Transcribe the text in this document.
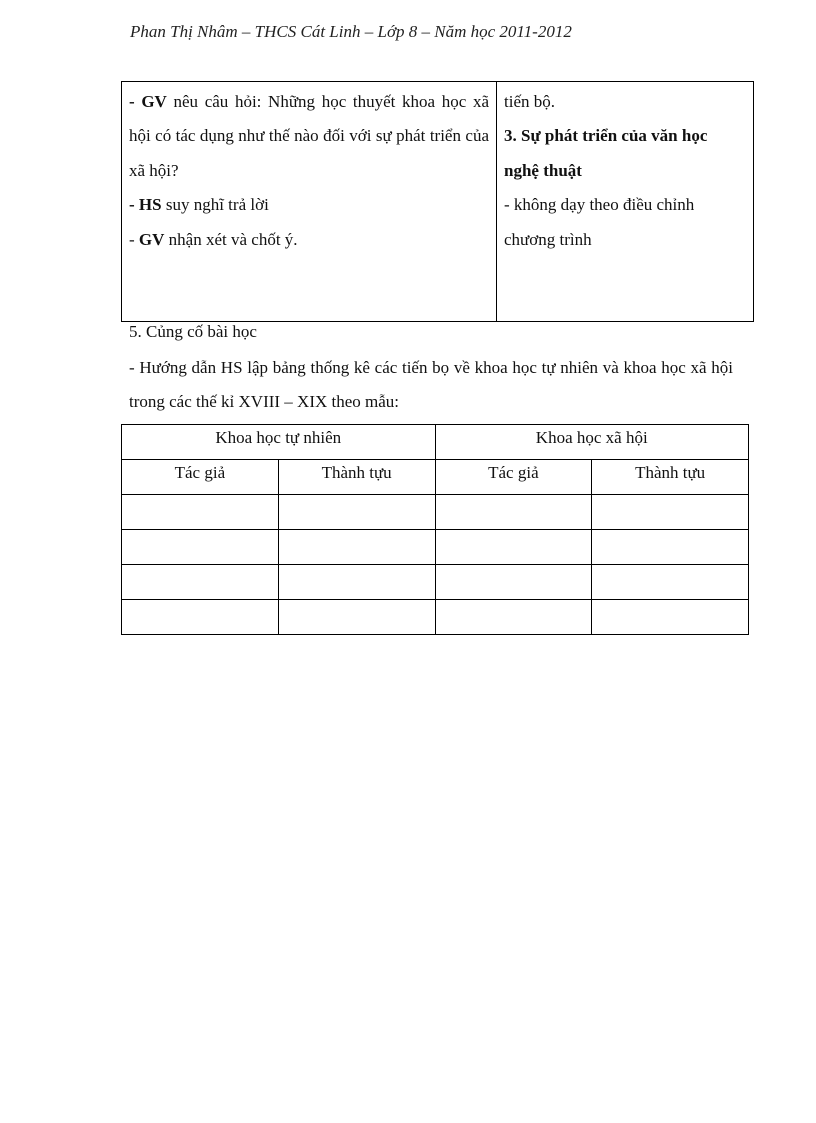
Phan Thị Nhâm – THCS Cát Linh – Lớp 8 – Năm học 2011-2012
- GV nêu câu hỏi: Những học thuyết khoa học xã hội có tác dụng như thế nào đối với sự phát triển của xã hội?
- HS suy nghĩ trả lời
- GV nhận xét và chốt ý.

tiến bộ.
3. Sự phát triển của văn học nghệ thuật
- không dạy theo điều chỉnh chương trình
5. Củng cố bài học
- Hướng dẫn HS lập bảng thống kê các tiến bọ về khoa học tự nhiên và khoa học xã hội trong các thế kỉ XVIII – XIX theo mẫu:
Khoa học tự nhiên		Khoa học xã hội	
Tác giả	Thành tựu	Tác giả	Thành tựu
